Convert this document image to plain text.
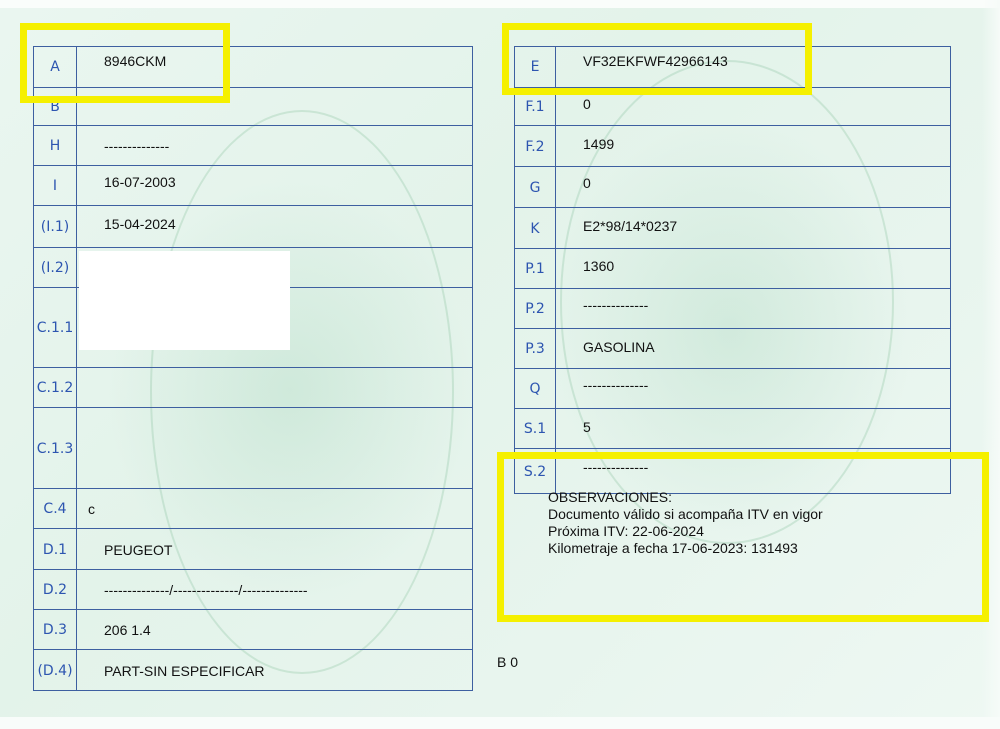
A	8946CKM
B
H	--------------
I	16-07-2003
(I.1)	15-04-2024
(I.2)
C.1.1
C.1.2
C.1.3
C.4	c
D.1	PEUGEOT
D.2	--------------/--------------/--------------
D.3	206 1.4
(D.4)	PART-SIN ESPECIFICAR
E	VF32EKFWF42966143
F.1	0
F.2	1499
G	0
K	E2*98/14*0237
P.1	1360
P.2	--------------
P.3	GASOLINA
Q	--------------
S.1	5
S.2	--------------
OBSERVACIONES:
Documento válido si acompaña ITV en vigor
Próxima ITV: 22-06-2024
Kilometraje a fecha 17-06-2023: 131493
B 0
